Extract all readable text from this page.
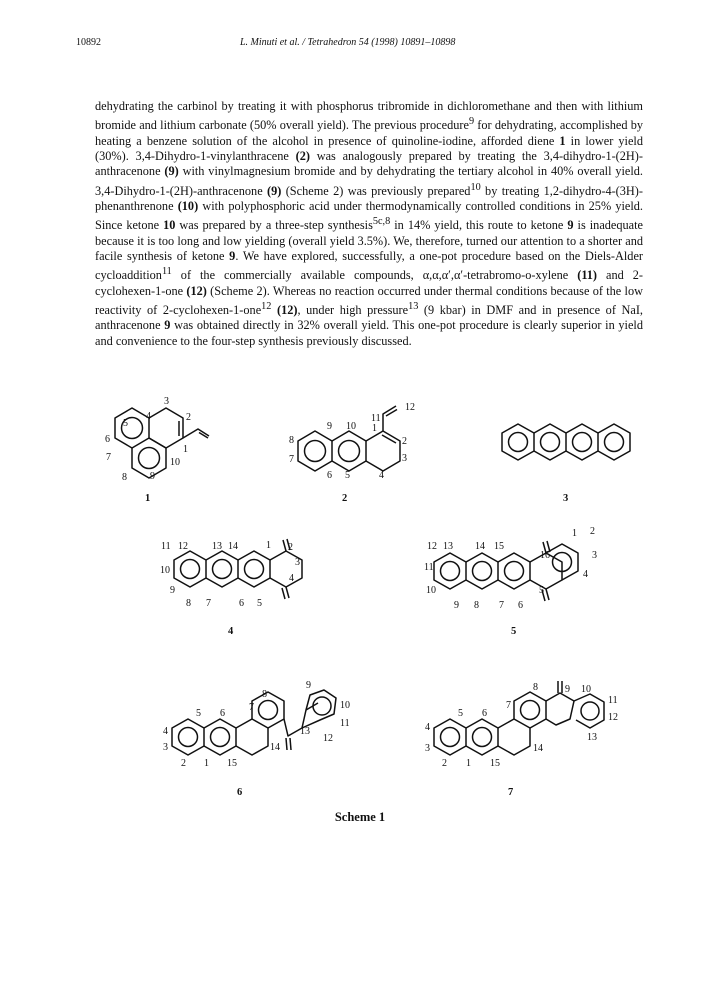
10892	L. Minuti et al. / Tetrahedron 54 (1998) 10891–10898

dehydrating the carbinol by treating it with phosphorus tribromide in dichloromethane and then with lithium bromide and lithium carbonate (50% overall yield). The previous procedure$^9$ for dehydrating, accomplished by heating a benzene solution of the alcohol in presence of quinoline-iodine, afforded diene 1 in lower yield (30%). 3,4-Dihydro-1-vinylanthracene (2) was analogously prepared by treating the 3,4-dihydro-1-(2H)-anthracenone (9) with vinylmagnesium bromide and by dehydrating the tertiary alcohol in 40% overall yield. 3,4-Dihydro-1-(2H)-anthracenone (9) (Scheme 2) was previously prepared$^{10}$ by treating 1,2-dihydro-4-(3H)-phenanthrenone (10) with polyphosphoric acid under thermodynamically controlled conditions in 25% yield. Since ketone 10 was prepared by a three-step synthesis$^{5c,8}$ in 14% yield, this route to ketone 9 is inadequate because it is too long and low yielding (overall yield 3.5%). We, therefore, turned our attention to a shorter and facile synthesis of ketone 9. We have explored, successfully, a one-pot procedure based on the Diels-Alder cycloaddition$^{11}$ of the commercially available compounds, α,α,α′,α′-tetrabromo-o-xylene (11) and 2-cyclohexen-1-one (12) (Scheme 2). Whereas no reaction occurred under thermal conditions because of the low reactivity of 2-cyclohexen-1-one$^{12}$ (12), under high pressure$^{13}$ (9 kbar) in DMF and in presence of NaI, anthracenone 9 was obtained directly in 32% overall yield. This one-pot procedure is clearly superior in yield and convenience to the four-step synthesis previously discussed.

2
3
4
5
6
7
8 9
10
1
1
12
11
9 10 1
8
7
2
3
6 5	4
2	3
11 12 13 14	1 2
3
10
9
4
8 7	6 5
4
12 13 14 15
16
1 2
3
11
4
10	5
9 8 7 6
5
8
9
5 6
7	10
11
4
3
13
12
14
2 1 15
6
8	9 10
5 6
7	11
12
4
13
3	14
2 1 15
7
Scheme 1
